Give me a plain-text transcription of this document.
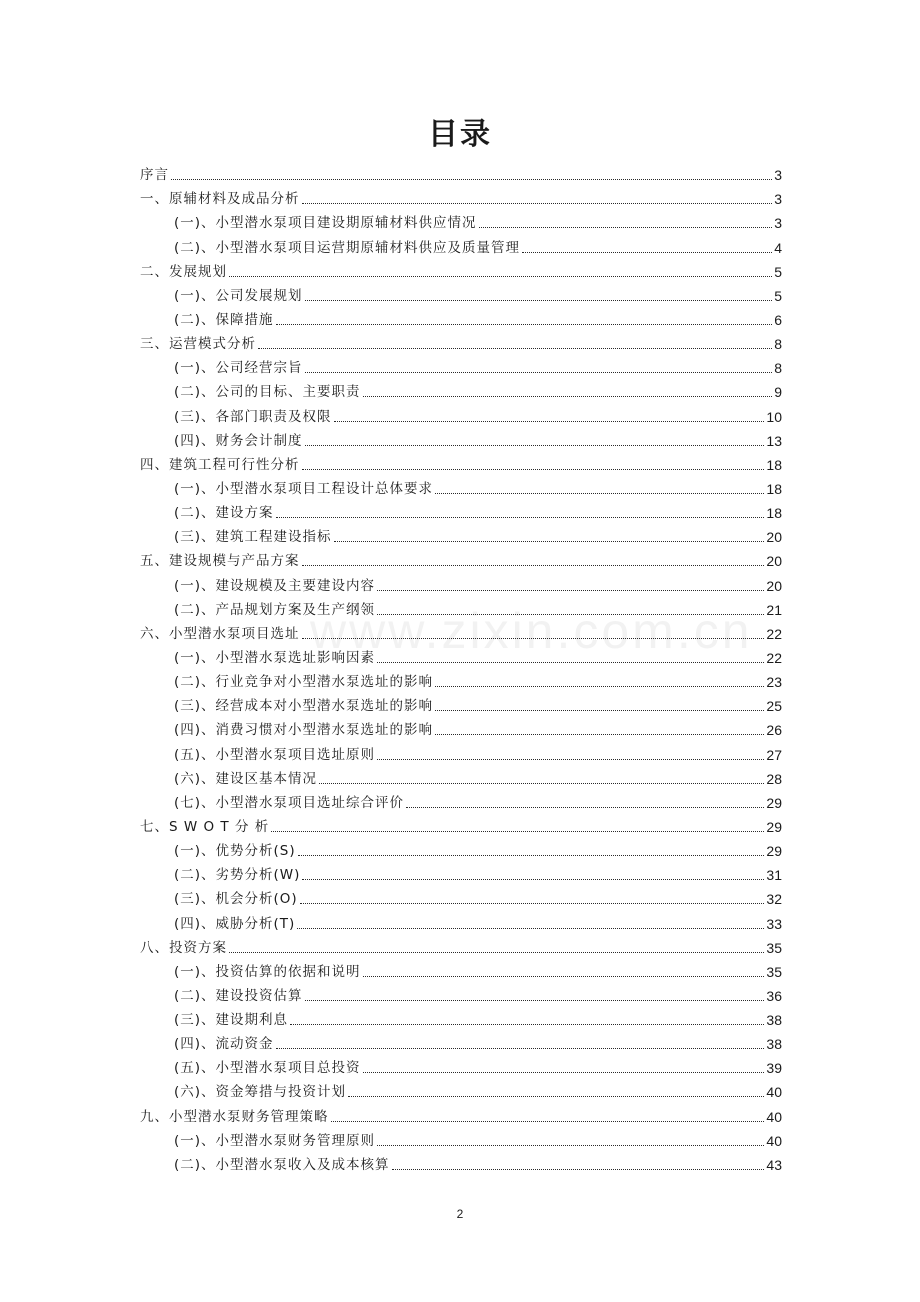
目录
www.zixin.com.cn
序言	3
一、原辅材料及成品分析	3
(一)、小型潜水泵项目建设期原辅材料供应情况	3
(二)、小型潜水泵项目运营期原辅材料供应及质量管理	4
二、发展规划	5
(一)、公司发展规划	5
(二)、保障措施	6
三、运营模式分析	8
(一)、公司经营宗旨	8
(二)、公司的目标、主要职责	9
(三)、各部门职责及权限	10
(四)、财务会计制度	13
四、建筑工程可行性分析	18
(一)、小型潜水泵项目工程设计总体要求	18
(二)、建设方案	18
(三)、建筑工程建设指标	20
五、建设规模与产品方案	20
(一)、建设规模及主要建设内容	20
(二)、产品规划方案及生产纲领	21
六、小型潜水泵项目选址	22
(一)、小型潜水泵选址影响因素	22
(二)、行业竞争对小型潜水泵选址的影响	23
(三)、经营成本对小型潜水泵选址的影响	25
(四)、消费习惯对小型潜水泵选址的影响	26
(五)、小型潜水泵项目选址原则	27
(六)、建设区基本情况	28
(七)、小型潜水泵项目选址综合评价	29
七、S W O T 分 析	29
(一)、优势分析(S)	29
(二)、劣势分析(W)	31
(三)、机会分析(O)	32
(四)、威胁分析(T)	33
八、投资方案	35
(一)、投资估算的依据和说明	35
(二)、建设投资估算	36
(三)、建设期利息	38
(四)、流动资金	38
(五)、小型潜水泵项目总投资	39
(六)、资金筹措与投资计划	40
九、小型潜水泵财务管理策略	40
(一)、小型潜水泵财务管理原则	40
(二)、小型潜水泵收入及成本核算	43
2
